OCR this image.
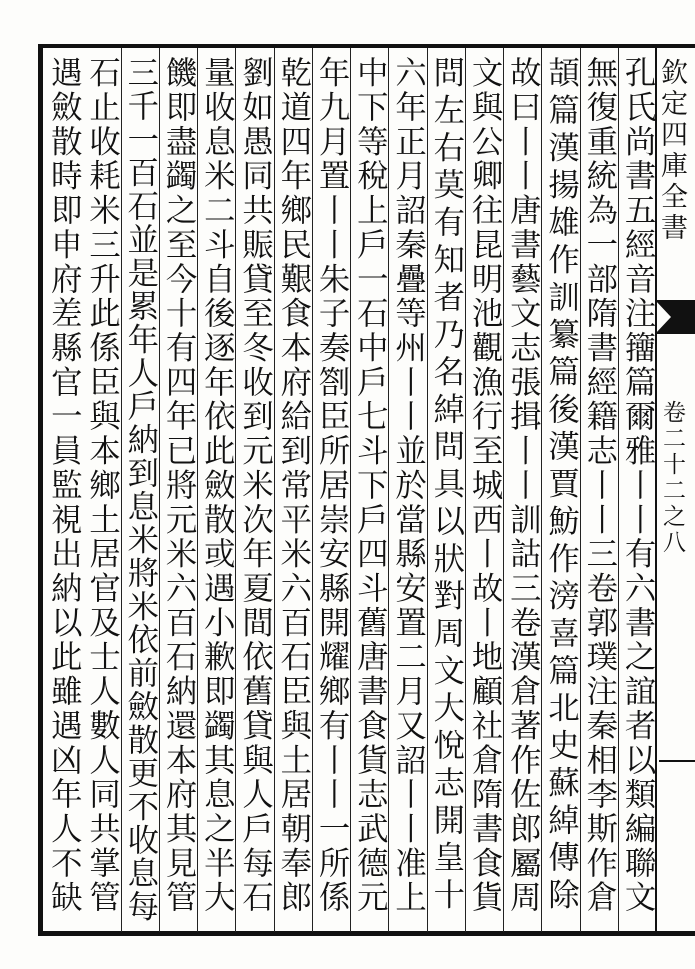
欽定四庫全書
卷二十二之八
孔氏尚書五經音注籒篇爾雅丨丨有六書之誼者以類編聯文
無復重統為一部隋書經籍志丨丨三卷郭璞注秦相李斯作倉
頡篇漢揚雄作訓纂篇後漢賈魴作滂喜篇北史蘇綽傳除
故曰丨丨唐書藝文志張揖丨丨訓詁三卷漢倉著作佐郎屬周
文與公卿往昆明池觀漁行至城西丨故丨地顧社倉隋書食貨
問左右莫有知者乃名綽問具以狀對周文大悅志開皇十
六年正月詔秦疊等州丨丨並於當縣安置二月又詔丨丨准上
中下等稅上戶一石中戶七斗下戶四斗舊唐書食貨志武德元
年九月置丨丨朱子奏劄臣所居崇安縣開耀鄉有丨丨一所係
乾道四年鄉民艱食本府給到常平米六百石臣與土居朝奉郎
劉如愚同共賑貸至冬收到元米次年夏間依舊貸與人戶每石
量收息米二斗自後逐年依此斂散或遇小歉即蠲其息之半大
饑即盡蠲之至今十有四年已將元米六百石納還本府其見管
三千一百石並是累年人戶納到息米將米依前斂散更不收息每
石止收耗米三升此係臣與本鄉土居官及士人數人同共掌管
遇斂散時即申府差縣官一員監視出納以此雖遇凶年人不缺
